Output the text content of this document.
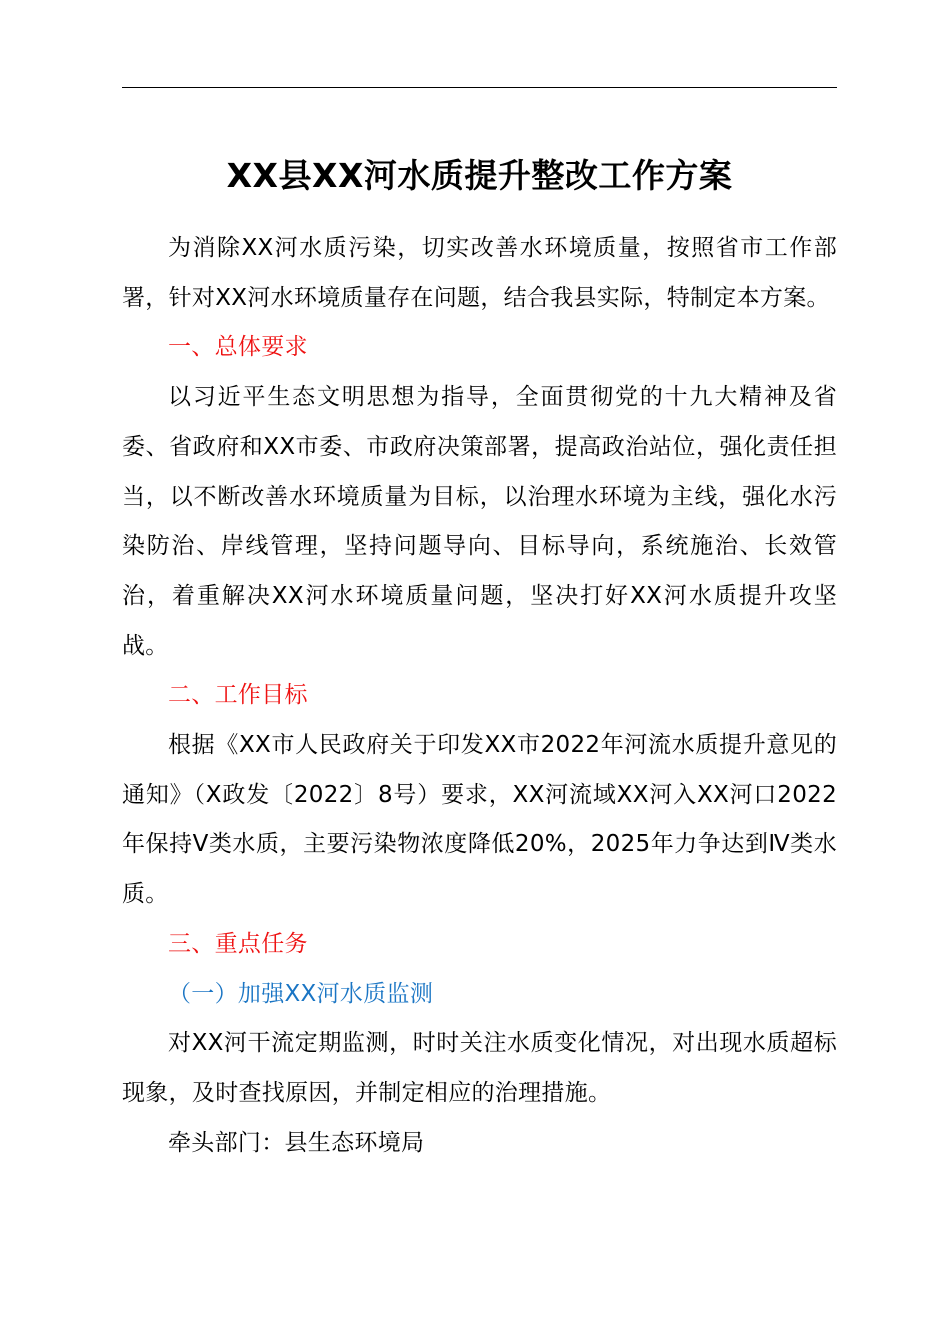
XX县XX河水质提升整改工作方案

为消除XX河水质污染，切实改善水环境质量，按照省市工作部署，针对XX河水环境质量存在问题，结合我县实际，特制定本方案。

一、总体要求

以习近平生态文明思想为指导，全面贯彻党的十九大精神及省委、省政府和XX市委、市政府决策部署，提高政治站位，强化责任担当，以不断改善水环境质量为目标，以治理水环境为主线，强化水污染防治、岸线管理，坚持问题导向、目标导向，系统施治、长效管治，着重解决XX河水环境质量问题，坚决打好XX河水质提升攻坚战。

二、工作目标

根据《XX市人民政府关于印发XX市2022年河流水质提升意见的通知》（X政发〔2022〕8号）要求，XX河流域XX河入XX河口2022年保持Ⅴ类水质，主要污染物浓度降低20%，2025年力争达到Ⅳ类水质。

三、重点任务

（一）加强XX河水质监测

对XX河干流定期监测，时时关注水质变化情况，对出现水质超标现象，及时查找原因，并制定相应的治理措施。

牵头部门：县生态环境局
